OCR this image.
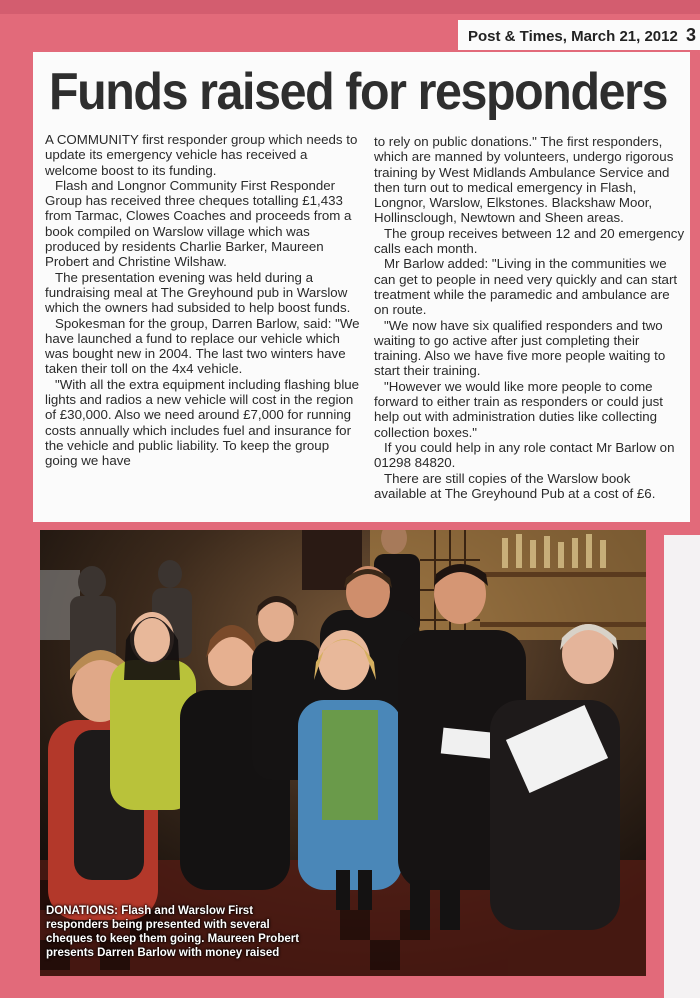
Post & Times, March 21, 2012 3
Funds raised for responders

A COMMUNITY first responder group which needs to update its emergency vehicle has received a welcome boost to its funding.

Flash and Longnor Community First Responder Group has received three cheques totalling £1,433 from Tarmac, Clowes Coaches and proceeds from a book compiled on Warslow village which was produced by residents Charlie Barker, Maureen Probert and Christine Wilshaw.

The presentation evening was held during a fundraising meal at The Greyhound pub in Warslow which the owners had subsided to help boost funds.

Spokesman for the group, Darren Barlow, said: "We have launched a fund to replace our vehicle which was bought new in 2004. The last two winters have taken their toll on the 4x4 vehicle.

"With all the extra equipment including flashing blue lights and radios a new vehicle will cost in the region of £30,000. Also we need around £7,000 for running costs annually which includes fuel and insurance for the vehicle and public liability. To keep the group going we have

to rely on public donations." The first responders, which are manned by volunteers, undergo rigorous training by West Midlands Ambulance Service and then turn out to medical emergency in Flash, Longnor, Warslow, Elkstones. Blackshaw Moor, Hollinsclough, Newtown and Sheen areas.

The group receives between 12 and 20 emergency calls each month.

Mr Barlow added: "Living in the communities we can get to people in need very quickly and can start treatment while the paramedic and ambulance are on route.

"We now have six qualified responders and two waiting to go active after just completing their training. Also we have five more people waiting to start their training.

"However we would like more people to come forward to either train as responders or could just help out with administration duties like collecting collection boxes."

If you could help in any role contact Mr Barlow on 01298 84820.

There are still copies of the Warslow book available at The Greyhound Pub at a cost of £6.

DONATIONS: Flash and Warslow First responders being presented with several cheques to keep them going. Maureen Probert presents Darren Barlow with money raised
